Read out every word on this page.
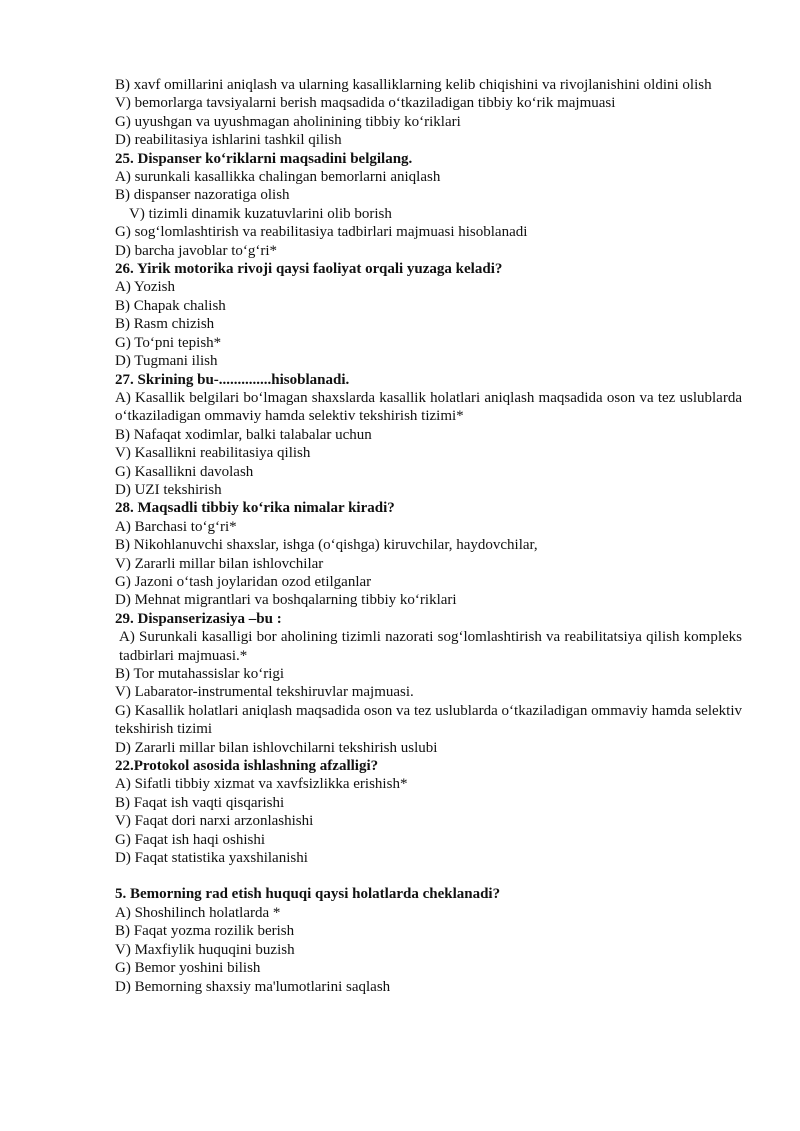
B) xavf omillarini aniqlash va ularning kasalliklarning kelib chiqishini va rivojlanishini oldini olish
V) bemorlarga tavsiyalarni berish maqsadida o‘tkaziladigan tibbiy ko‘rik majmuasi
G) uyushgan va uyushmagan aholinining tibbiy ko‘riklari
D) reabilitasiya ishlarini tashkil qilish
25. Dispanser ko‘riklarni maqsadini belgilang.
A) surunkali kasallikka chalingan bemorlarni aniqlash
B) dispanser nazoratiga olish
V) tizimli dinamik kuzatuvlarini olib borish
G) sog‘lomlashtirish va reabilitasiya tadbirlari majmuasi hisoblanadi
D) barcha javoblar to‘g‘ri*
26. Yirik motorika rivoji qaysi faoliyat orqali yuzaga keladi?
A) Yozish
B) Chapak chalish
B) Rasm chizish
G) To‘pni tepish*
D) Tugmani ilish
27. Skrining bu-..............hisoblanadi.
A) Kasallik belgilari bo‘lmagan shaxslarda kasallik holatlari aniqlash maqsadida oson va tez uslublarda o‘tkaziladigan ommaviy hamda selektiv tekshirish tizimi*
B) Nafaqat xodimlar, balki talabalar uchun
V) Kasallikni reabilitasiya qilish
G) Kasallikni davolash
D) UZI tekshirish
28. Maqsadli tibbiy ko‘rika nimalar kiradi?
A) Barchasi to‘g‘ri*
B) Nikohlanuvchi shaxslar, ishga (o‘qishga) kiruvchilar, haydovchilar,
V) Zararli millar bilan ishlovchilar
G) Jazoni o‘tash joylaridan ozod etilganlar
D) Mehnat migrantlari va boshqalarning tibbiy ko‘riklari
29. Dispanserizasiya –bu :
A) Surunkali kasalligi bor aholining tizimli nazorati sog‘lomlashtirish va reabilitatsiya qilish kompleks tadbirlari majmuasi.*
B) Tor mutahassislar ko‘rigi
V) Labarator-instrumental tekshiruvlar majmuasi.
G) Kasallik holatlari aniqlash maqsadida oson va tez uslublarda o‘tkaziladigan ommaviy hamda selektiv tekshirish tizimi
D) Zararli millar bilan ishlovchilarni tekshirish uslubi
22.Protokol asosida ishlashning afzalligi?
A) Sifatli tibbiy xizmat va xavfsizlikka erishish*
B) Faqat ish vaqti qisqarishi
V) Faqat dori narxi arzonlashishi
G) Faqat ish haqi oshishi
D) Faqat statistika yaxshilanishi
5. Bemorning rad etish huquqi qaysi holatlarda cheklanadi?
A) Shoshilinch holatlarda *
B) Faqat yozma rozilik berish
V) Maxfiylik huquqini buzish
G) Bemor yoshini bilish
D) Bemorning shaxsiy ma'lumotlarini saqlash
